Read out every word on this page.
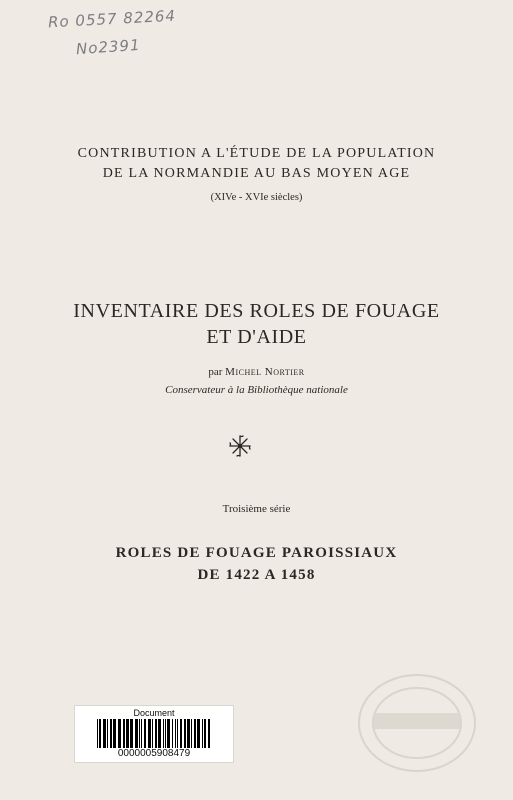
Ro 0557 82264
No2391
CONTRIBUTION A L'ÉTUDE DE LA POPULATION
DE LA NORMANDIE AU BAS MOYEN AGE
(XIVe - XVIe siècles)
INVENTAIRE DES ROLES DE FOUAGE
ET D'AIDE
par Michel Nortier
Conservateur à la Bibliothèque nationale
Troisième série
ROLES DE FOUAGE PAROISSIAUX
DE 1422 A 1458
Document
0000005908479
